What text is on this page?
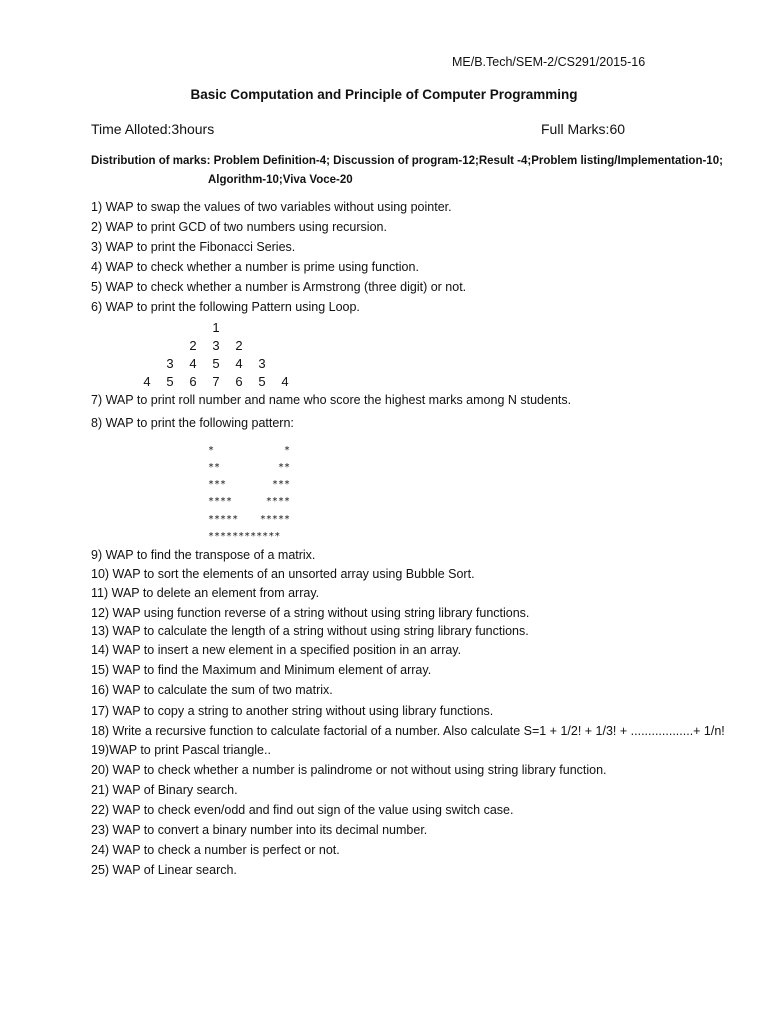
ME/B.Tech/SEM-2/CS291/2015-16
Basic Computation and Principle of Computer Programming
Time Alloted:3hours	Full Marks:60
Distribution of marks: Problem Definition-4; Discussion of program-12;Result -4;Problem listing/Implementation-10;
Algorithm-10;Viva Voce-20
1) WAP to swap the values of two variables without using pointer.
2) WAP to print GCD of two numbers using recursion.
3) WAP to print the Fibonacci Series.
4) WAP to check whether a number is prime using function.
5) WAP to check whether a number is Armstrong (three digit) or not.
6) WAP to print the following Pattern using Loop.
7) WAP to print roll number and name who score the highest marks among N students.
8) WAP to print the following pattern:
9) WAP to find the transpose of a matrix.
10) WAP to sort the elements of an unsorted array using Bubble Sort.
11) WAP to delete an element from array.
12) WAP using function reverse of a string without using string library functions.
13) WAP to calculate the length of a string without using string library functions.
14) WAP to insert a new element in a specified position in an array.
15) WAP to find the Maximum and Minimum element of array.
16) WAP to calculate the sum of two matrix.
17) WAP to copy a string to another string without using library functions.
18) Write a recursive function to calculate factorial of a number. Also calculate S=1 + 1/2! + 1/3! + ..................+ 1/n!
19)WAP to print Pascal triangle..
20) WAP to check whether a number is palindrome or not without using string library function.
21) WAP of Binary search.
22) WAP to check even/odd and find out sign of the value using switch case.
23) WAP to convert a binary number into its decimal number.
24) WAP to check a number is perfect or not.
25) WAP of Linear search.
1
2	3	2
3	4	5	4	3
4	5	6	7	6	5	4
*	*
**	**
***	***
****	****
*****	*****
************
